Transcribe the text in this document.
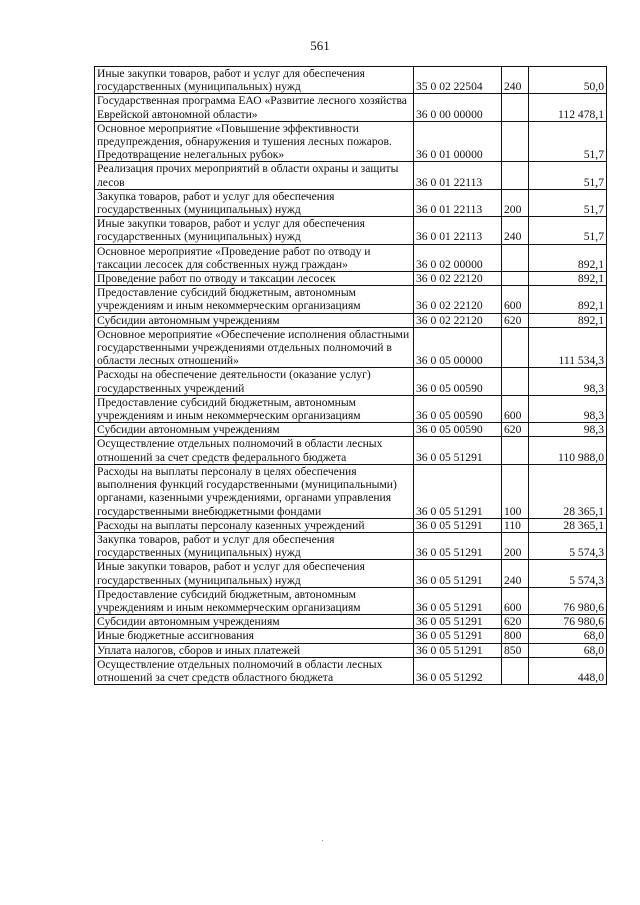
561
Иные закупки товаров, работ и услуг для обеспечения государственных (муниципальных) нужд	35 0 02 22504	240	50,0
Государственная программа ЕАО «Развитие лесного хозяйства Еврейской автономной области»	36 0 00 00000		112 478,1
Основное мероприятие «Повышение эффективности предупреждения, обнаружения и тушения лесных пожаров. Предотвращение нелегальных рубок»	36 0 01 00000		51,7
Реализация прочих мероприятий в области охраны и защиты лесов	36 0 01 22113		51,7
Закупка товаров, работ и услуг для обеспечения государственных (муниципальных) нужд	36 0 01 22113	200	51,7
Иные закупки товаров, работ и услуг для обеспечения государственных (муниципальных) нужд	36 0 01 22113	240	51,7
Основное мероприятие «Проведение работ по отводу и таксации лесосек для собственных нужд граждан»	36 0 02 00000		892,1
Проведение работ по отводу и таксации лесосек	36 0 02 22120		892,1
Предоставление субсидий бюджетным, автономным учреждениям и иным некоммерческим организациям	36 0 02 22120	600	892,1
Субсидии автономным учреждениям	36 0 02 22120	620	892,1
Основное мероприятие «Обеспечение исполнения областными государственными учреждениями отдельных полномочий в области лесных отношений»	36 0 05 00000		111 534,3
Расходы на обеспечение деятельности (оказание услуг) государственных учреждений	36 0 05 00590		98,3
Предоставление субсидий бюджетным, автономным учреждениям и иным некоммерческим организациям	36 0 05 00590	600	98,3
Субсидии автономным учреждениям	36 0 05 00590	620	98,3
Осуществление отдельных полномочий в области лесных отношений за счет средств федерального бюджета	36 0 05 51291		110 988,0
Расходы на выплаты персоналу в целях обеспечения выполнения функций государственными (муниципальными) органами, казенными учреждениями, органами управления государственными внебюджетными фондами	36 0 05 51291	100	28 365,1
Расходы на выплаты персоналу казенных учреждений	36 0 05 51291	110	28 365,1
Закупка товаров, работ и услуг для обеспечения государственных (муниципальных) нужд	36 0 05 51291	200	5 574,3
Иные закупки товаров, работ и услуг для обеспечения государственных (муниципальных) нужд	36 0 05 51291	240	5 574,3
Предоставление субсидий бюджетным, автономным учреждениям и иным некоммерческим организациям	36 0 05 51291	600	76 980,6
Субсидии автономным учреждениям	36 0 05 51291	620	76 980,6
Иные бюджетные ассигнования	36 0 05 51291	800	68,0
Уплата налогов, сборов и иных платежей	36 0 05 51291	850	68,0
Осуществление отдельных полномочий в области лесных отношений за счет средств областного бюджета	36 0 05 51292		448,0
